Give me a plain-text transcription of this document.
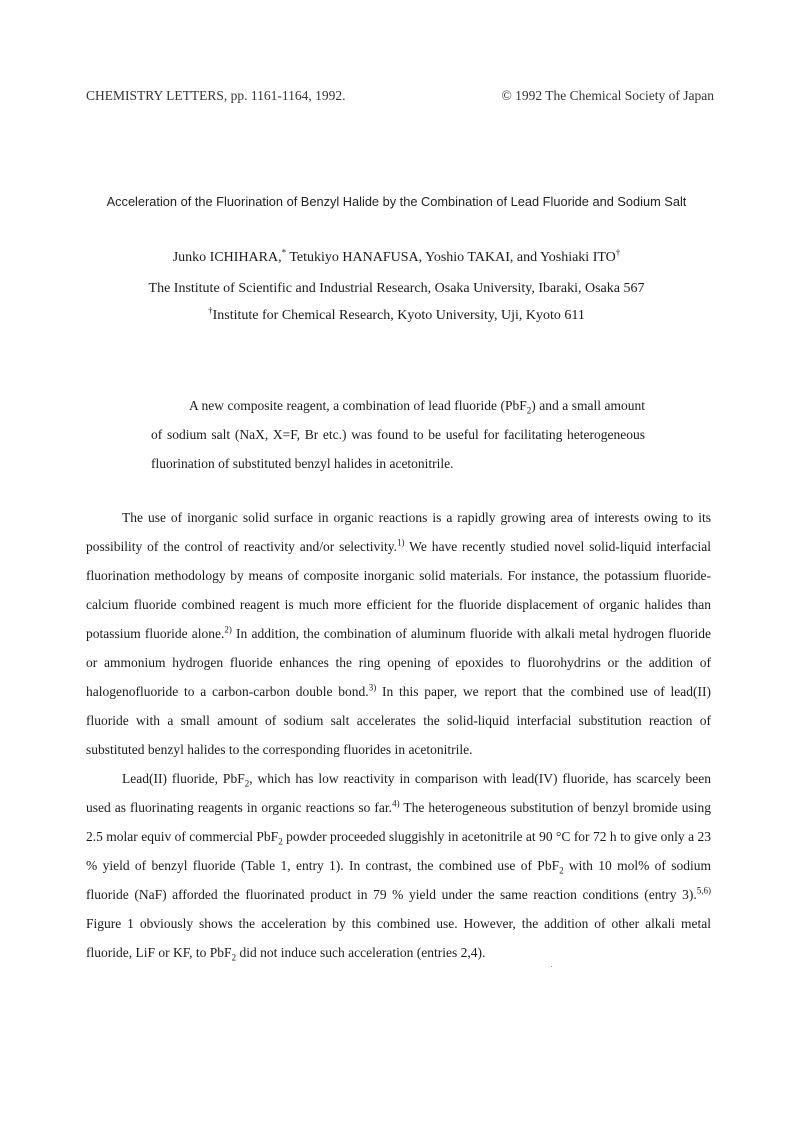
CHEMISTRY LETTERS, pp. 1161-1164, 1992.	© 1992 The Chemical Society of Japan
Acceleration of the Fluorination of Benzyl Halide by the Combination of Lead Fluoride and Sodium Salt
Junko ICHIHARA,* Tetukiyo HANAFUSA, Yoshio TAKAI, and Yoshiaki ITO†
The Institute of Scientific and Industrial Research, Osaka University, Ibaraki, Osaka 567
†Institute for Chemical Research, Kyoto University, Uji, Kyoto 611

A new composite reagent, a combination of lead fluoride (PbF$_2$) and a small amount of sodium salt (NaX, X=F, Br etc.) was found to be useful for facilitating heterogeneous fluorination of substituted benzyl halides in acetonitrile.

The use of inorganic solid surface in organic reactions is a rapidly growing area of interests owing to its possibility of the control of reactivity and/or selectivity.$^{1)}$ We have recently studied novel solid-liquid interfacial fluorination methodology by means of composite inorganic solid materials. For instance, the potassium fluoride-calcium fluoride combined reagent is much more efficient for the fluoride displacement of organic halides than potassium fluoride alone.$^{2)}$ In addition, the combination of aluminum fluoride with alkali metal hydrogen fluoride or ammonium hydrogen fluoride enhances the ring opening of epoxides to fluorohydrins or the addition of halogenofluoride to a carbon-carbon double bond.$^{3)}$ In this paper, we report that the combined use of lead(II) fluoride with a small amount of sodium salt accelerates the solid-liquid interfacial substitution reaction of substituted benzyl halides to the corresponding fluorides in acetonitrile.

Lead(II) fluoride, PbF$_2$, which has low reactivity in comparison with lead(IV) fluoride, has scarcely been used as fluorinating reagents in organic reactions so far.$^{4)}$ The heterogeneous substitution of benzyl bromide using 2.5 molar equiv of commercial PbF$_2$ powder proceeded sluggishly in acetonitrile at 90 °C for 72 h to give only a 23 % yield of benzyl fluoride (Table 1, entry 1). In contrast, the combined use of PbF$_2$ with 10 mol% of sodium fluoride (NaF) afforded the fluorinated product in 79 % yield under the same reaction conditions (entry 3).$^{5,6)}$ Figure 1 obviously shows the acceleration by this combined use. However, the addition of other alkali metal fluoride, LiF or KF, to PbF$_2$ did not induce such acceleration (entries 2,4).
